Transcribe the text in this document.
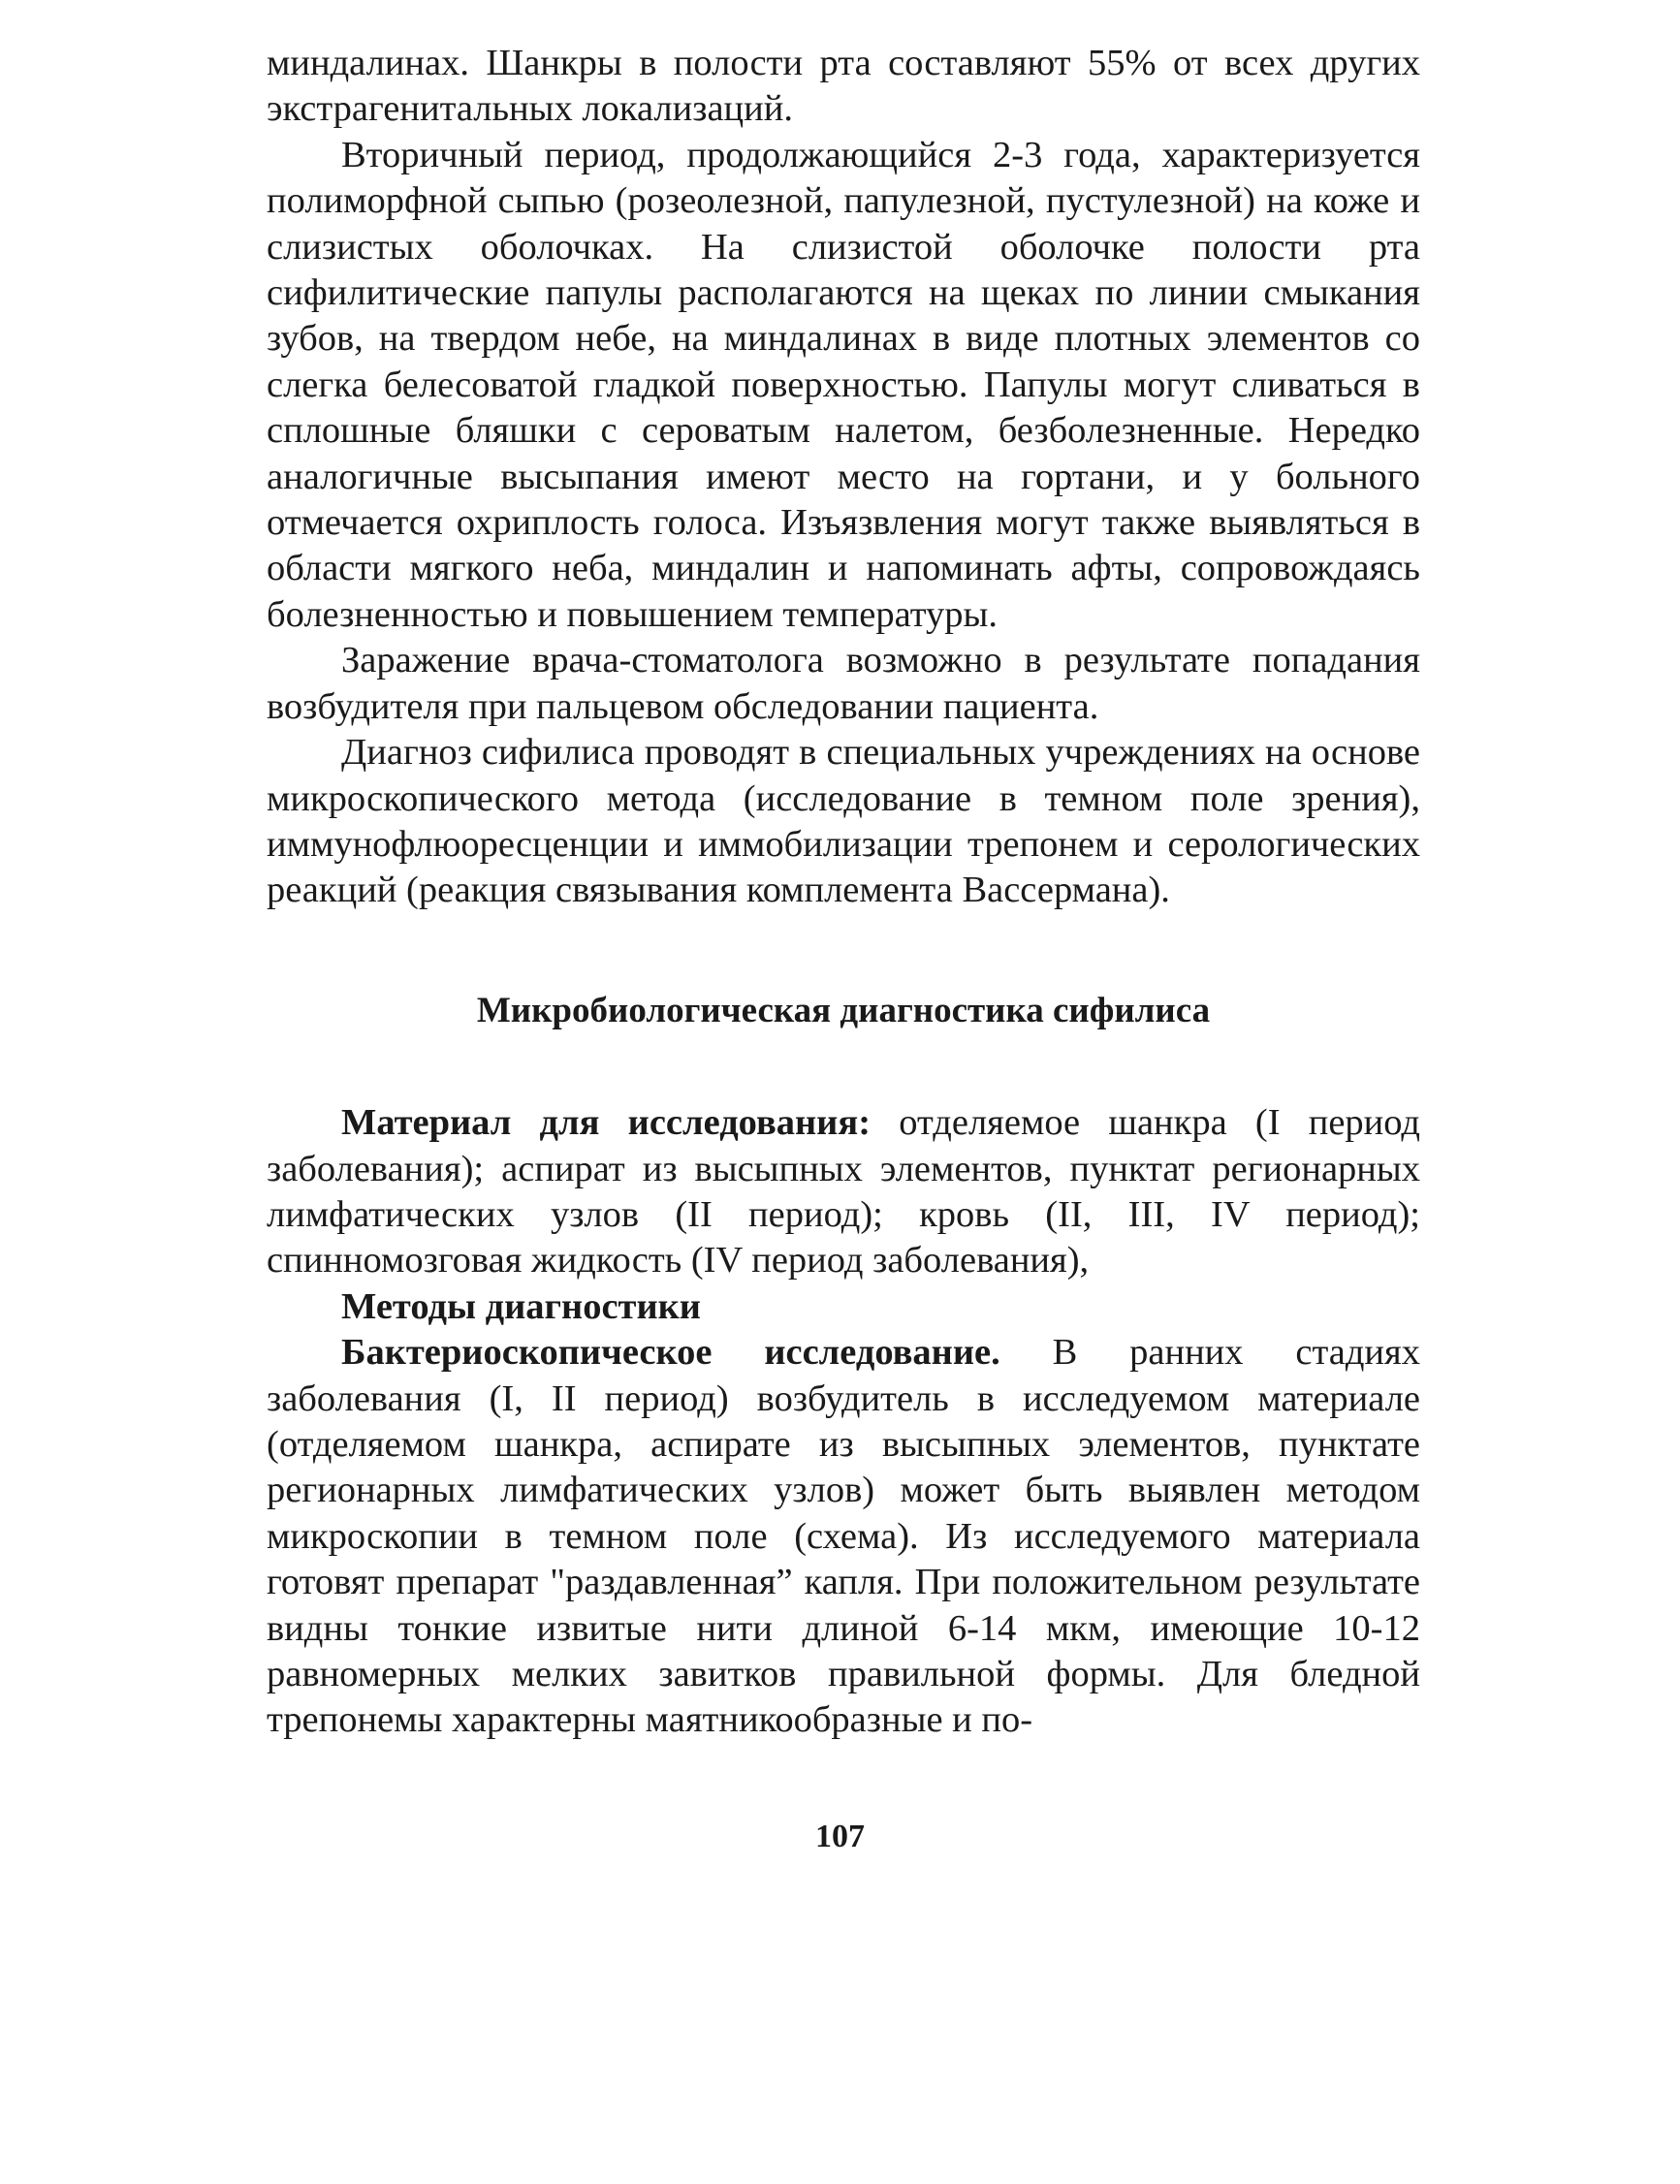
миндалинах. Шанкры в полости рта составляют 55% от всех других экстрагенитальных локализаций.

Вторичный период, продолжающийся 2-3 года, характеризуется полиморфной сыпью (розеолезной, папулезной, пустулезной) на коже и слизистых оболочках. На слизистой оболочке полости рта сифилитические папулы располагаются на щеках по линии смыкания зубов, на твердом небе, на миндалинах в виде плотных элементов со слегка белесоватой гладкой поверхностью. Папулы могут сливаться в сплошные бляшки с сероватым налетом, безболезненные. Нередко аналогичные высыпания имеют место на гортани, и у больного отмечается охриплость голоса. Изъязвления могут также выявляться в области мягкого неба, миндалин и напоминать афты, сопровождаясь болезненностью и повышением температуры.

Заражение врача-стоматолога возможно в результате попадания возбудителя при пальцевом обследовании пациента.

Диагноз сифилиса проводят в специальных учреждениях на основе микроскопического метода (исследование в темном поле зрения), иммунофлюоресценции и иммобилизации трепонем и серологических реакций (реакция связывания комплемента Вассермана).

Микробиологическая диагностика сифилиса

Материал для исследования: отделяемое шанкра (I период заболевания); аспират из высыпных элементов, пунктат регионарных лимфатических узлов (II период); кровь (II, III, IV период); спинномозговая жидкость (IV период заболевания),

Методы диагностики

Бактериоскопическое исследование. В ранних стадиях заболевания (I, II период) возбудитель в исследуемом материале (отделяемом шанкра, аспирате из высыпных элементов, пунктате регионарных лимфатических узлов) может быть выявлен методом микроскопии в темном поле (схема). Из исследуемого материала готовят препарат "раздавленная” капля. При положительном результате видны тонкие извитые нити длиной 6-14 мкм, имеющие 10-12 равномерных мелких завитков правильной формы. Для бледной трепонемы характерны маятникообразные и по-

107
